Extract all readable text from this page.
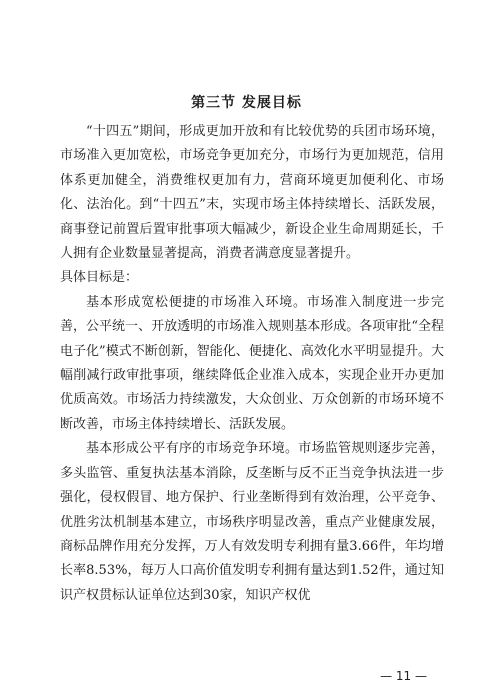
第三节 发展目标

“十四五”期间，形成更加开放和有比较优势的兵团市场环境，市场准入更加宽松，市场竞争更加充分，市场行为更加规范，信用体系更加健全，消费维权更加有力，营商环境更加便利化、市场化、法治化。到“十四五”末，实现市场主体持续增长、活跃发展，商事登记前置后置审批事项大幅减少，新设企业生命周期延长，千人拥有企业数量显著提高，消费者满意度显著提升。

具体目标是：

基本形成宽松便捷的市场准入环境。市场准入制度进一步完善，公平统一、开放透明的市场准入规则基本形成。各项审批“全程电子化”模式不断创新，智能化、便捷化、高效化水平明显提升。大幅削减行政审批事项，继续降低企业准入成本，实现企业开办更加优质高效。市场活力持续激发，大众创业、万众创新的市场环境不断改善，市场主体持续增长、活跃发展。

基本形成公平有序的市场竞争环境。市场监管规则逐步完善，多头监管、重复执法基本消除，反垄断与反不正当竞争执法进一步强化，侵权假冒、地方保护、行业垄断得到有效治理，公平竞争、优胜劣汰机制基本建立，市场秩序明显改善，重点产业健康发展，商标品牌作用充分发挥，万人有效发明专利拥有量3.66件，年均增长率8.53%，每万人口高价值发明专利拥有量达到1.52件，通过知识产权贯标认证单位达到30家，知识产权优

— 11 —
